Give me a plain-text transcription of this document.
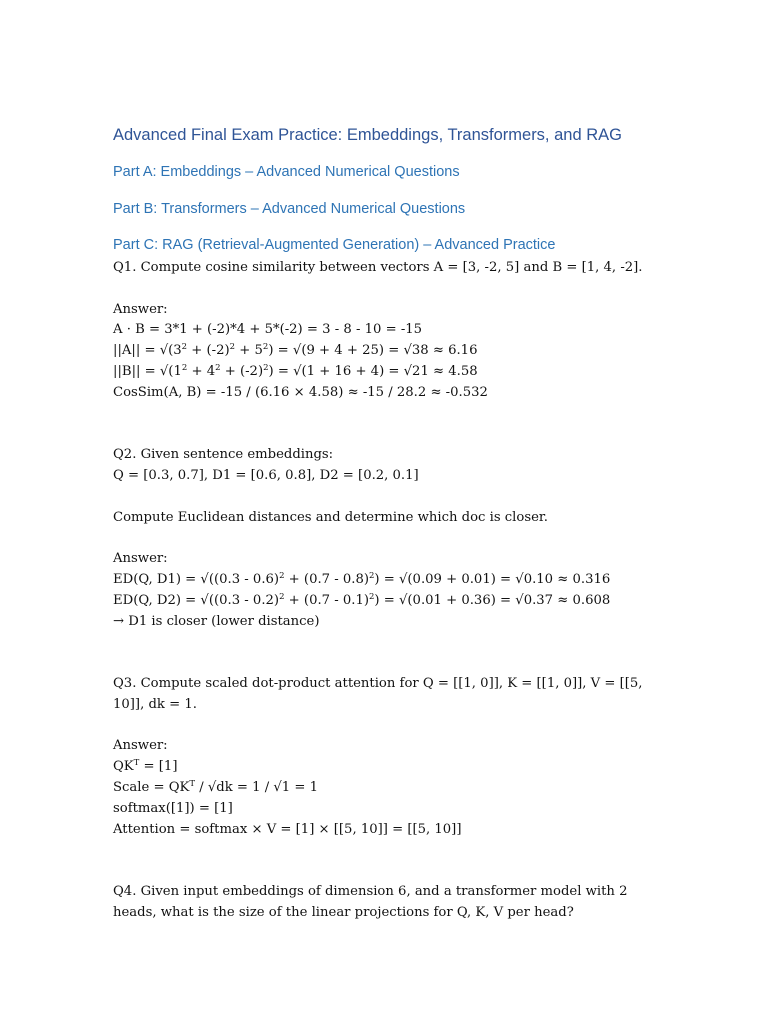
Advanced Final Exam Practice: Embeddings, Transformers, and RAG
Part A: Embeddings – Advanced Numerical Questions
Part B: Transformers – Advanced Numerical Questions
Part C: RAG (Retrieval-Augmented Generation) – Advanced Practice

Q1. Compute cosine similarity between vectors A = [3, -2, 5] and B = [1, 4, -2].

Answer:

A · B = 3*1 + (-2)*4 + 5*(-2) = 3 - 8 - 10 = -15

$||A|| = √(3^2 + (-2)^2 + 5^2) = √(9 + 4 + 25) = √38 \approx 6.16$

$||B|| = √(1^2 + 4^2 + (-2)^2) = √(1 + 16 + 4) = √21 \approx 4.58$

CosSim(A, B) = -15 / (6.16 × 4.58) ≈ -15 / 28.2 ≈ -0.532

Q2. Given sentence embeddings:

Q = [0.3, 0.7], D1 = [0.6, 0.8], D2 = [0.2, 0.1]

Compute Euclidean distances and determine which doc is closer.

Answer:

ED(Q, D1) = √((0.3 - 0.6)$^2$ + (0.7 - 0.8)$^2$) = √(0.09 + 0.01) = √0.10 ≈ 0.316

ED(Q, D2) = √((0.3 - 0.2)$^2$ + (0.7 - 0.1)$^2$) = √(0.01 + 0.36) = √0.37 ≈ 0.608

→ D1 is closer (lower distance)

Q3. Compute scaled dot-product attention for Q = [[1, 0]], K = [[1, 0]], V = [[5, 10]], dk = 1.

Answer:

$QK^T = [1]$

Scale = $QK^T / √dk = 1 / √1 = 1$

softmax([1]) = [1]

Attention = softmax × V = [1] × [[5, 10]] = [[5, 10]]

Q4. Given input embeddings of dimension 6, and a transformer model with 2 heads, what is the size of the linear projections for Q, K, V per head?
